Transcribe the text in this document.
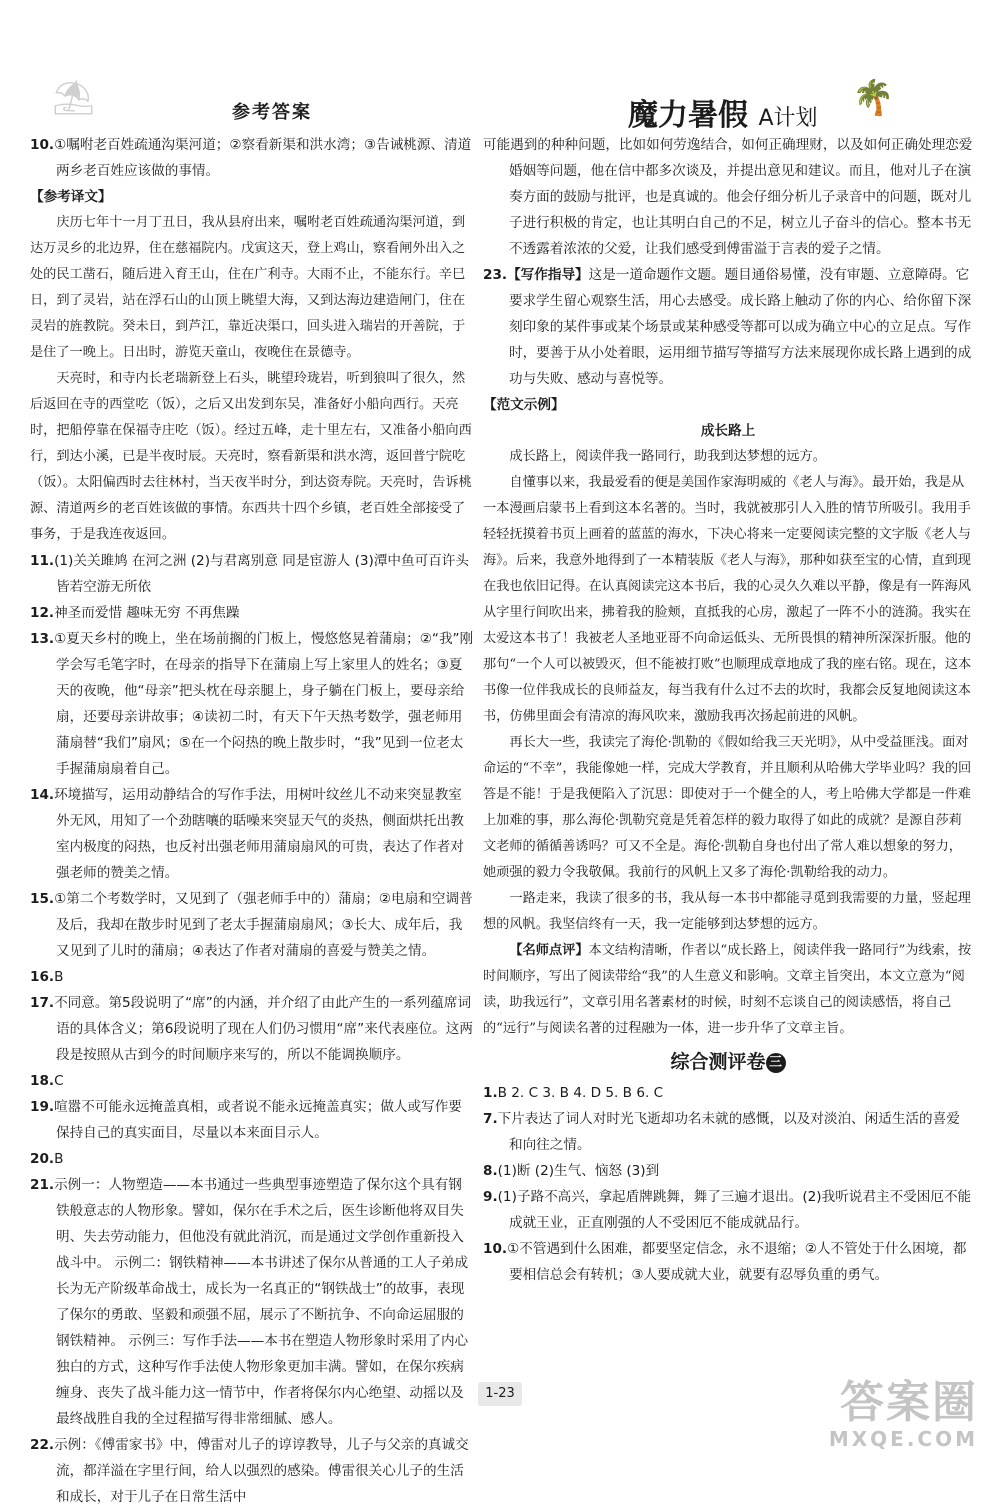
⛱	🌴
参考答案	魔力暑假 A计划

10.①嘱咐老百姓疏通沟渠河道；②察看新渠和洪水湾；③告诫桃源、清道两乡老百姓应该做的事情。

【参考译文】

庆历七年十一月丁丑日，我从县府出来，嘱咐老百姓疏通沟渠河道，到达万灵乡的北边界，住在慈福院内。戊寅这天，登上鸡山，察看闸外出入之处的民工凿石，随后进入育王山，住在广利寺。大雨不止，不能东行。辛巳日，到了灵岩，站在浮石山的山顶上眺望大海，又到达海边建造闸门，住在灵岩的旌教院。癸未日，到芦江，靠近决渠口，回头进入瑞岩的开善院，于是住了一晚上。日出时，游览天童山，夜晚住在景德寺。

天亮时，和寺内长老瑞新登上石头，眺望玲珑岩，听到狼叫了很久，然后返回在寺的西堂吃（饭），之后又出发到东吴，准备好小船向西行。天亮时，把船停靠在保福寺庄吃（饭）。经过五峰，走十里左右，又准备小船向西行，到达小溪，已是半夜时辰。天亮时，察看新渠和洪水湾，返回普宁院吃（饭）。太阳偏西时去往林村，当天夜半时分，到达资寿院。天亮时，告诉桃源、清道两乡的老百姓该做的事情。东西共十四个乡镇，老百姓全部接受了事务，于是我连夜返回。

11.(1)关关雎鸠 在河之洲 (2)与君离别意 同是宦游人 (3)潭中鱼可百许头 皆若空游无所依

12.神圣而爱惜 趣味无穷 不再焦躁

13.①夏天乡村的晚上，坐在场前搁的门板上，慢悠悠晃着蒲扇；②“我”刚学会写毛笔字时，在母亲的指导下在蒲扇上写上家里人的姓名；③夏天的夜晚，他“母亲”把头枕在母亲腿上，身子躺在门板上，要母亲给扇，还要母亲讲故事；④读初二时，有天下午天热考数学，强老师用蒲扇替“我们”扇风；⑤在一个闷热的晚上散步时，“我”见到一位老太手握蒲扇扇着自己。

14.环境描写，运用动静结合的写作手法，用树叶纹丝儿不动来突显教室外无风，用知了一个劲瞎嚷的聒噪来突显天气的炎热，侧面烘托出教室内极度的闷热，也反衬出强老师用蒲扇扇风的可贵，表达了作者对强老师的赞美之情。

15.①第二个考数学时，又见到了（强老师手中的）蒲扇；②电扇和空调普及后，我却在散步时见到了老太手握蒲扇扇风；③长大、成年后，我又见到了儿时的蒲扇；④表达了作者对蒲扇的喜爱与赞美之情。

16.B

17.不同意。第5段说明了“席”的内涵，并介绍了由此产生的一系列蕴席词语的具体含义；第6段说明了现在人们仍习惯用“席”来代表座位。这两段是按照从古到今的时间顺序来写的，所以不能调换顺序。

18.C

19.喧嚣不可能永远掩盖真相，或者说不能永远掩盖真实；做人或写作要保持自己的真实面目，尽量以本来面目示人。

20.B

21.示例一：人物塑造——本书通过一些典型事迹塑造了保尔这个具有钢铁般意志的人物形象。譬如，保尔在手术之后，医生诊断他将双目失明、失去劳动能力，但他没有就此消沉，而是通过文学创作重新投入战斗中。 示例二：钢铁精神——本书讲述了保尔从普通的工人子弟成长为无产阶级革命战士，成长为一名真正的“钢铁战士”的故事，表现了保尔的勇敢、坚毅和顽强不屈，展示了不断抗争、不向命运屈服的钢铁精神。 示例三：写作手法——本书在塑造人物形象时采用了内心独白的方式，这种写作手法使人物形象更加丰满。譬如，在保尔疾病缠身、丧失了战斗能力这一情节中，作者将保尔内心绝望、动摇以及最终战胜自我的全过程描写得非常细腻、感人。

22.示例：《傅雷家书》中，傅雷对儿子的谆谆教导，儿子与父亲的真诚交流，都洋溢在字里行间，给人以强烈的感染。傅雷很关心儿子的生活和成长，对于儿子在日常生活中

可能遇到的种种问题，比如如何劳逸结合，如何正确理财，以及如何正确处理恋爱婚姻等问题，他在信中都多次谈及，并提出意见和建议。而且，他对儿子在演奏方面的鼓励与批评，也是真诚的。他会仔细分析儿子录音中的问题，既对儿子进行积极的肯定，也让其明白自己的不足，树立儿子奋斗的信心。整本书无不透露着浓浓的父爱，让我们感受到傅雷溢于言表的爱子之情。

23.【写作指导】这是一道命题作文题。题目通俗易懂，没有审题、立意障碍。它要求学生留心观察生活，用心去感受。成长路上触动了你的内心、给你留下深刻印象的某件事或某个场景或某种感受等都可以成为确立中心的立足点。写作时，要善于从小处着眼，运用细节描写等描写方法来展现你成长路上遇到的成功与失败、感动与喜悦等。

【范文示例】

成长路上

成长路上，阅读伴我一路同行，助我到达梦想的远方。

自懂事以来，我最爱看的便是美国作家海明威的《老人与海》。最开始，我是从一本漫画启蒙书上看到这本名著的。当时，我就被那引人入胜的情节所吸引。我用手轻轻抚摸着书页上画着的蓝蓝的海水，下决心将来一定要阅读完整的文字版《老人与海》。后来，我意外地得到了一本精装版《老人与海》，那种如获至宝的心情，直到现在我也依旧记得。在认真阅读完这本书后，我的心灵久久难以平静，像是有一阵海风从字里行间吹出来，拂着我的脸颊，直抵我的心房，激起了一阵不小的涟漪。我实在太爱这本书了！我被老人圣地亚哥不向命运低头、无所畏惧的精神所深深折服。他的那句“一个人可以被毁灭，但不能被打败”也顺理成章地成了我的座右铭。现在，这本书像一位伴我成长的良师益友，每当我有什么过不去的坎时，我都会反复地阅读这本书，仿佛里面会有清凉的海风吹来，激励我再次扬起前进的风帆。

再长大一些，我读完了海伦·凯勒的《假如给我三天光明》，从中受益匪浅。面对命运的“不幸”，我能像她一样，完成大学教育，并且顺利从哈佛大学毕业吗？我的回答是不能！于是我便陷入了沉思：即使对于一个健全的人，考上哈佛大学都是一件难上加难的事，那么海伦·凯勒究竟是凭着怎样的毅力取得了如此的成就？是源自莎莉文老师的循循善诱吗？可又不全是。海伦·凯勒自身也付出了常人难以想象的努力，她顽强的毅力令我敬佩。我前行的风帆上又多了海伦·凯勒给我的动力。

一路走来，我读了很多的书，我从每一本书中都能寻觅到我需要的力量，竖起理想的风帆。我坚信终有一天，我一定能够到达梦想的远方。

【名师点评】本文结构清晰，作者以“成长路上，阅读伴我一路同行”为线索，按时间顺序，写出了阅读带给“我”的人生意义和影响。文章主旨突出，本文立意为“阅读，助我远行”，文章引用名著素材的时候，时刻不忘谈自己的阅读感悟，将自己的“远行”与阅读名著的过程融为一体，进一步升华了文章主旨。

综合测评卷 三

1.B 2. C 3. B 4. D 5. B 6. C

7.下片表达了词人对时光飞逝却功名未就的感慨，以及对淡泊、闲适生活的喜爱和向往之情。

8.(1)断 (2)生气、恼怒 (3)到

9.(1)子路不高兴，拿起盾牌跳舞，舞了三遍才退出。(2)我听说君主不受困厄不能成就王业，正直刚强的人不受困厄不能成就品行。

10.①不管遇到什么困难，都要坚定信念，永不退缩；②人不管处于什么困境，都要相信总会有转机；③人要成就大业，就要有忍辱负重的勇气。

1-23	答案圈
MXQE.COM
